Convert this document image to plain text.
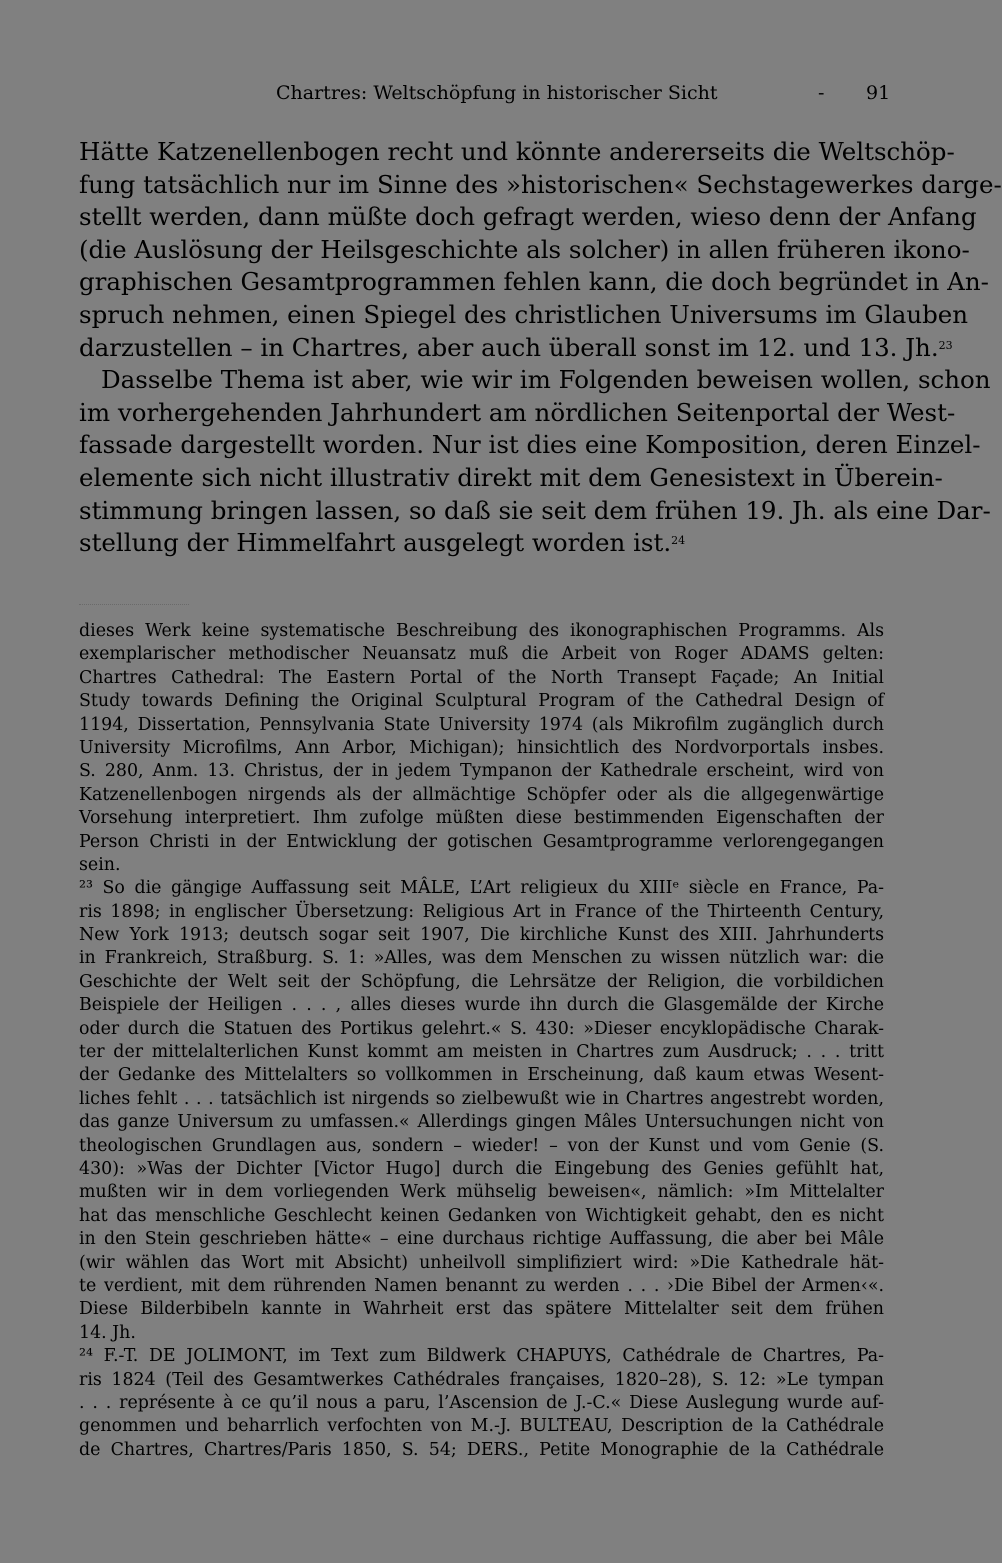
Chartres: Weltschöpfung in historischer Sicht	- 91
Hätte Katzenellenbogen recht und könnte andererseits die Weltschöp-
fung tatsächlich nur im Sinne des »historischen« Sechstagewerkes darge-
stellt werden, dann müßte doch gefragt werden, wieso denn der Anfang
(die Auslösung der Heilsgeschichte als solcher) in allen früheren ikono-
graphischen Gesamtprogrammen fehlen kann, die doch begründet in An-
spruch nehmen, einen Spiegel des christlichen Universums im Glauben
darzustellen – in Chartres, aber auch überall sonst im 12. und 13. Jh.$^{23}$
Dasselbe Thema ist aber, wie wir im Folgenden beweisen wollen, schon
im vorhergehenden Jahrhundert am nördlichen Seitenportal der West-
fassade dargestellt worden. Nur ist dies eine Komposition, deren Einzel-
elemente sich nicht illustrativ direkt mit dem Genesistext in Überein-
stimmung bringen lassen, so daß sie seit dem frühen 19. Jh. als eine Dar-
stellung der Himmelfahrt ausgelegt worden ist.$^{24}$
dieses Werk keine systematische Beschreibung des ikonographischen Programms. Als
exemplarischer methodischer Neuansatz muß die Arbeit von Roger ADAMS gelten:
Chartres Cathedral: The Eastern Portal of the North Transept Façade; An Initial
Study towards Defining the Original Sculptural Program of the Cathedral Design of
1194, Dissertation, Pennsylvania State University 1974 (als Mikrofilm zugänglich durch
University Microfilms, Ann Arbor, Michigan); hinsichtlich des Nordvorportals insbes.
S. 280, Anm. 13. Christus, der in jedem Tympanon der Kathedrale erscheint, wird von
Katzenellenbogen nirgends als der allmächtige Schöpfer oder als die allgegenwärtige
Vorsehung interpretiert. Ihm zufolge müßten diese bestimmenden Eigenschaften der
Person Christi in der Entwicklung der gotischen Gesamtprogramme verlorengegangen
sein.
²³ So die gängige Auffassung seit MÂLE, L’Art religieux du XIIIᵉ siècle en France, Pa-
ris 1898; in englischer Übersetzung: Religious Art in France of the Thirteenth Century,
New York 1913; deutsch sogar seit 1907, Die kirchliche Kunst des XIII. Jahrhunderts
in Frankreich, Straßburg. S. 1: »Alles, was dem Menschen zu wissen nützlich war: die
Geschichte der Welt seit der Schöpfung, die Lehrsätze der Religion, die vorbildichen
Beispiele der Heiligen . . . , alles dieses wurde ihn durch die Glasgemälde der Kirche
oder durch die Statuen des Portikus gelehrt.« S. 430: »Dieser encyklopädische Charak-
ter der mittelalterlichen Kunst kommt am meisten in Chartres zum Ausdruck; . . . tritt
der Gedanke des Mittelalters so vollkommen in Erscheinung, daß kaum etwas Wesent-
liches fehlt . . . tatsächlich ist nirgends so zielbewußt wie in Chartres angestrebt worden,
das ganze Universum zu umfassen.« Allerdings gingen Mâles Untersuchungen nicht von
theologischen Grundlagen aus, sondern – wieder! – von der Kunst und vom Genie (S.
430): »Was der Dichter [Victor Hugo] durch die Eingebung des Genies gefühlt hat,
mußten wir in dem vorliegenden Werk mühselig beweisen«, nämlich: »Im Mittelalter
hat das menschliche Geschlecht keinen Gedanken von Wichtigkeit gehabt, den es nicht
in den Stein geschrieben hätte« – eine durchaus richtige Auffassung, die aber bei Mâle
(wir wählen das Wort mit Absicht) unheilvoll simplifiziert wird: »Die Kathedrale hät-
te verdient, mit dem rührenden Namen benannt zu werden . . . ›Die Bibel der Armen‹«.
Diese Bilderbibeln kannte in Wahrheit erst das spätere Mittelalter seit dem frühen
14. Jh.
²⁴ F.-T. DE JOLIMONT, im Text zum Bildwerk CHAPUYS, Cathédrale de Chartres, Pa-
ris 1824 (Teil des Gesamtwerkes Cathédrales françaises, 1820–28), S. 12: »Le tympan
. . . représente à ce qu’il nous a paru, l’Ascension de J.-C.« Diese Auslegung wurde auf-
genommen und beharrlich verfochten von M.-J. BULTEAU, Description de la Cathédrale
de Chartres, Chartres/Paris 1850, S. 54; DERS., Petite Monographie de la Cathédrale
